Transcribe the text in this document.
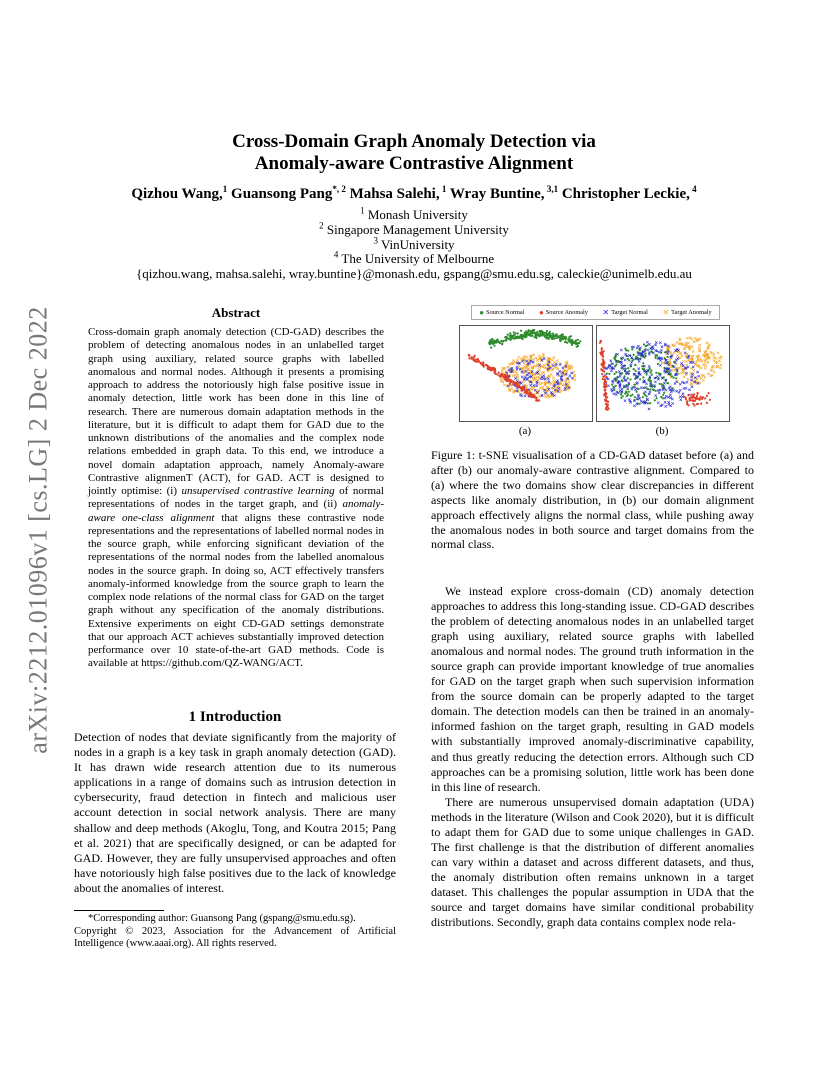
arXiv:2212.01096v1 [cs.LG] 2 Dec 2022
Cross-Domain Graph Anomaly Detection via
Anomaly-aware Contrastive Alignment
Qizhou Wang,$^1$ Guansong Pang$^{*, 2}$ Mahsa Salehi, $^1$ Wray Buntine, $^{3,1}$ Christopher Leckie, $^4$
$^1$ Monash University
$^2$ Singapore Management University
$^3$ VinUniversity
$^4$ The University of Melbourne
{qizhou.wang, mahsa.salehi, wray.buntine}@monash.edu, gspang@smu.edu.sg, caleckie@unimelb.edu.au
Abstract
Cross-domain graph anomaly detection (CD-GAD) describes the problem of detecting anomalous nodes in an unlabelled target graph using auxiliary, related source graphs with labelled anomalous and normal nodes. Although it presents a promising approach to address the notoriously high false positive issue in anomaly detection, little work has been done in this line of research. There are numerous domain adaptation methods in the literature, but it is difficult to adapt them for GAD due to the unknown distributions of the anomalies and the complex node relations embedded in graph data. To this end, we introduce a novel domain adaptation approach, namely Anomaly-aware Contrastive alignmenT (ACT), for GAD. ACT is designed to jointly optimise: (i) unsupervised contrastive learning of normal representations of nodes in the target graph, and (ii) anomaly-aware one-class alignment that aligns these contrastive node representations and the representations of labelled normal nodes in the source graph, while enforcing significant deviation of the representations of the normal nodes from the labelled anomalous nodes in the source graph. In doing so, ACT effectively transfers anomaly-informed knowledge from the source graph to learn the complex node relations of the normal class for GAD on the target graph without any specification of the anomaly distributions. Extensive experiments on eight CD-GAD settings demonstrate that our approach ACT achieves substantially improved detection performance over 10 state-of-the-art GAD methods. Code is available at https://github.com/QZ-WANG/ACT.
1 Introduction

Detection of nodes that deviate significantly from the majority of nodes in a graph is a key task in graph anomaly detection (GAD). It has drawn wide research attention due to its numerous applications in a range of domains such as intrusion detection in cybersecurity, fraud detection in fintech and malicious user account detection in social network analysis. There are many shallow and deep methods (Akoglu, Tong, and Koutra 2015; Pang et al. 2021) that are specifically designed, or can be adapted for GAD. However, they are fully unsupervised approaches and often have notoriously high false positives due to the lack of knowledge about the anomalies of interest.

*Corresponding author: Guansong Pang (gspang@smu.edu.sg).

Copyright © 2023, Association for the Advancement of Artificial Intelligence (www.aaai.org). All rights reserved.

● Source Normal ● Source Anomaly ✕ Target Normal ✕ Target Anomaly
(a)	(b)
Figure 1: t-SNE visualisation of a CD-GAD dataset before (a) and after (b) our anomaly-aware contrastive alignment. Compared to (a) where the two domains show clear discrepancies in different aspects like anomaly distribution, in (b) our domain alignment approach effectively aligns the normal class, while pushing away the anomalous nodes in both source and target domains from the normal class.

We instead explore cross-domain (CD) anomaly detection approaches to address this long-standing issue. CD-GAD describes the problem of detecting anomalous nodes in an unlabelled target graph using auxiliary, related source graphs with labelled anomalous and normal nodes. The ground truth information in the source graph can provide important knowledge of true anomalies for GAD on the target graph when such supervision information from the source domain can be properly adapted to the target domain. The detection models can then be trained in an anomaly-informed fashion on the target graph, resulting in GAD models with substantially improved anomaly-discriminative capability, and thus greatly reducing the detection errors. Although such CD approaches can be a promising solution, little work has been done in this line of research.

There are numerous unsupervised domain adaptation (UDA) methods in the literature (Wilson and Cook 2020), but it is difficult to adapt them for GAD due to some unique challenges in GAD. The first challenge is that the distribution of different anomalies can vary within a dataset and across different datasets, and thus, the anomaly distribution often remains unknown in a target dataset. This challenges the popular assumption in UDA that the source and target domains have similar conditional probability distributions. Secondly, graph data contains complex node rela-
